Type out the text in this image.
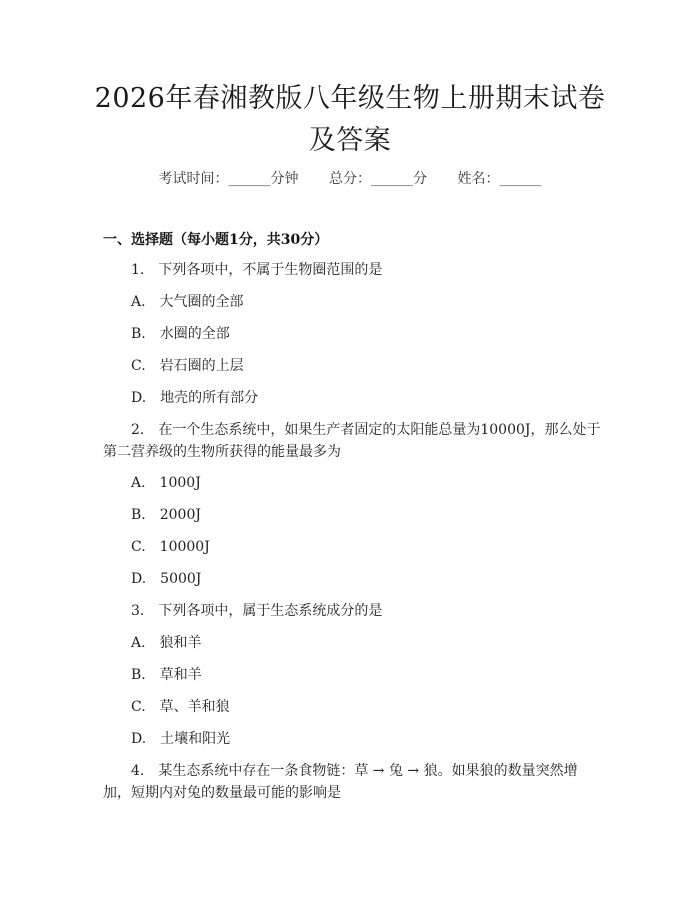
2026年春湘教版八年级生物上册期末试卷及答案
考试时间：______分钟 总分：______分 姓名：______
一、选择题（每小题1分，共30分）
1.　下列各项中，不属于生物圈范围的是
A.　大气圈的全部
B.　水圈的全部
C.　岩石圈的上层
D.　地壳的所有部分
2.　在一个生态系统中，如果生产者固定的太阳能总量为10000J，那么处于第二营养级的生物所获得的能量最多为
A.　1000J
B.　2000J
C.　10000J
D.　5000J
3.　下列各项中，属于生态系统成分的是
A.　狼和羊
B.　草和羊
C.　草、羊和狼
D.　土壤和阳光
4.　某生态系统中存在一条食物链：草 → 兔 → 狼。如果狼的数量突然增加，短期内对兔的数量最可能的影响是
